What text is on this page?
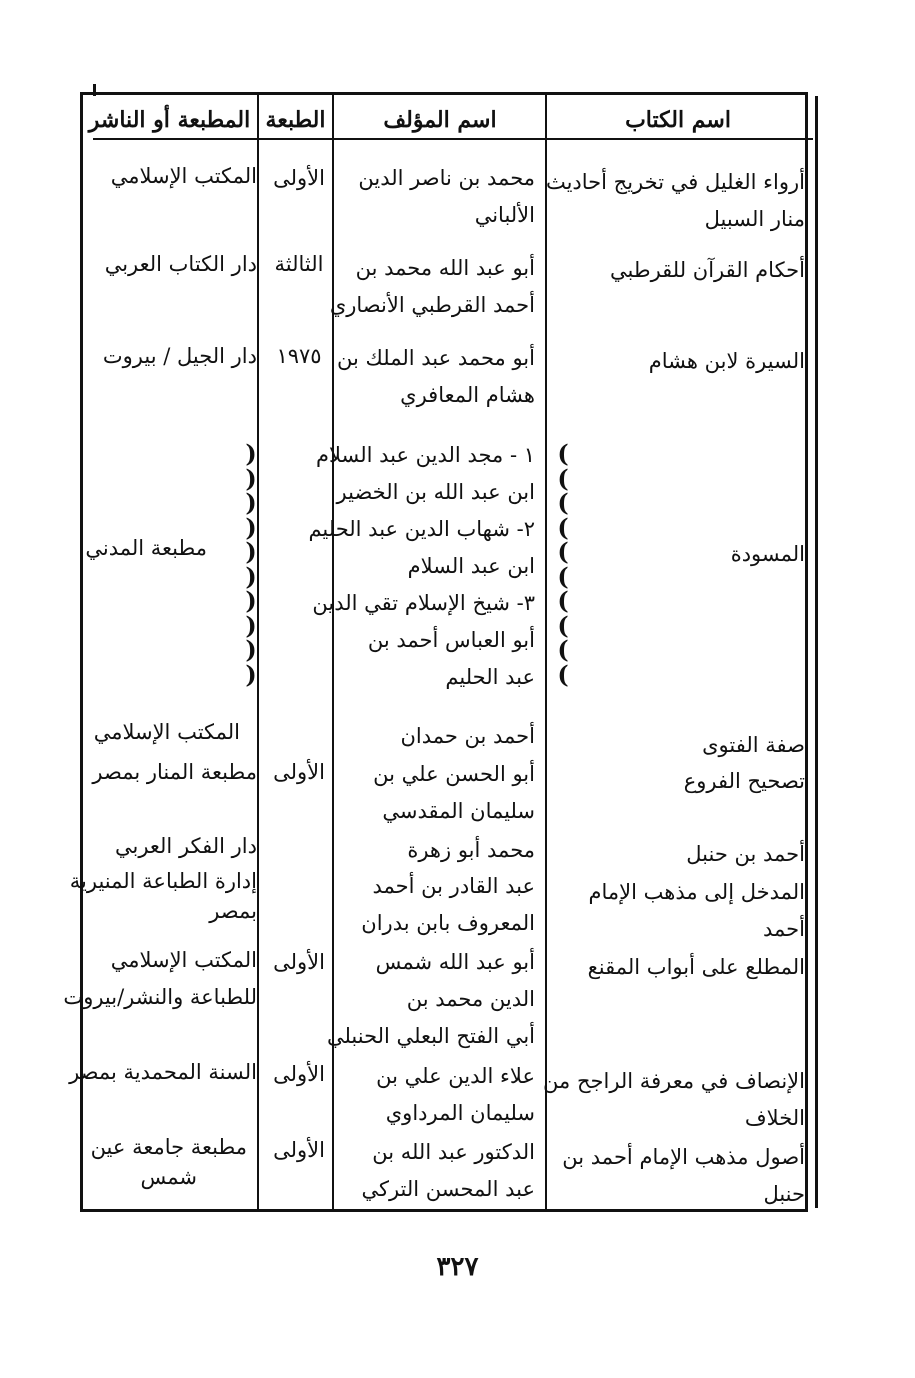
اسم الكتاب
اسم المؤلف
الطبعة
المطبعة أو الناشر
أرواء الغليل في تخريج أحاديث
منار السبيل
محمد بن ناصر الدين
الألباني
الأولى
المكتب الإسلامي
أحكام القرآن للقرطبي
أبو عبد الله محمد بن
أحمد القرطبي الأنصاري
الثالثة
دار الكتاب العربي
السيرة لابن هشام
أبو محمد عبد الملك بن
هشام المعافري
١٩٧٥
دار الجيل / بيروت
المسودة
١ - مجد الدين عبد السلام
ابن عبد الله بن الخضير
٢- شهاب الدين عبد الحليم
ابن عبد السلام
٣- شيخ الإسلام تقي الدين
أبو العباس أحمد بن
عبد الحليم
مطبعة المدني
(
(
(
(
(
(
(
(
(
(
)
)
)
)
)
)
)
)
)
)
صفة الفتوى
أحمد بن حمدان
المكتب الإسلامي
تصحيح الفروع
أبو الحسن علي بن
سليمان المقدسي
الأولى
مطبعة المنار بمصر
أحمد بن حنبل
محمد أبو زهرة
دار الفكر العربي
المدخل إلى مذهب الإمام
أحمد
عبد القادر بن أحمد
المعروف بابن بدران
إدارة الطباعة المنيرية
بمصر
المطلع على أبواب المقنع
أبو عبد الله شمس
الدين محمد بن
أبي الفتح البعلي الحنبلي
الأولى
المكتب الإسلامي
للطباعة والنشر/بيروت
الإنصاف في معرفة الراجح من
الخلاف
علاء الدين علي بن
سليمان المرداوي
الأولى
السنة المحمدية بمصر
أصول مذهب الإمام أحمد بن
حنبل
الدكتور عبد الله بن
عبد المحسن التركي
الأولى
مطبعة جامعة عين
شمس
٣٢٧
